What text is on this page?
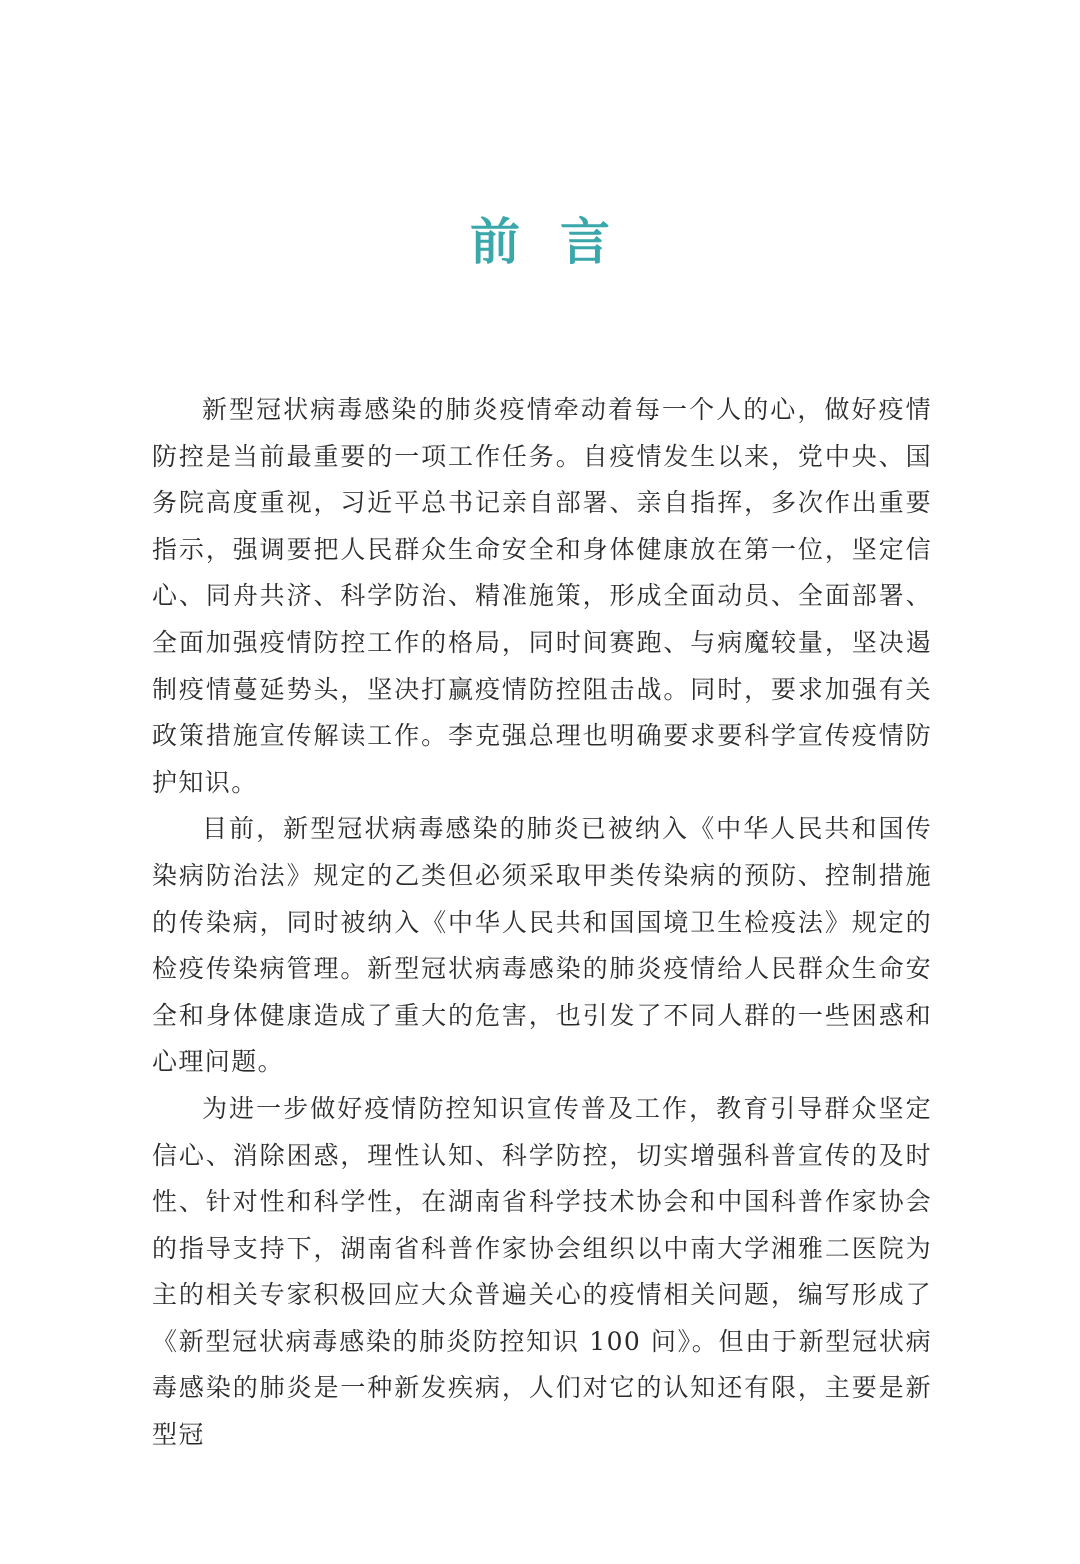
前言

新型冠状病毒感染的肺炎疫情牵动着每一个人的心，做好疫情防控是当前最重要的一项工作任务。自疫情发生以来，党中央、国务院高度重视，习近平总书记亲自部署、亲自指挥，多次作出重要指示，强调要把人民群众生命安全和身体健康放在第一位，坚定信心、同舟共济、科学防治、精准施策，形成全面动员、全面部署、全面加强疫情防控工作的格局，同时间赛跑、与病魔较量，坚决遏制疫情蔓延势头，坚决打赢疫情防控阻击战。同时，要求加强有关政策措施宣传解读工作。李克强总理也明确要求要科学宣传疫情防护知识。

目前，新型冠状病毒感染的肺炎已被纳入《中华人民共和国传染病防治法》规定的乙类但必须采取甲类传染病的预防、控制措施的传染病，同时被纳入《中华人民共和国国境卫生检疫法》规定的检疫传染病管理。新型冠状病毒感染的肺炎疫情给人民群众生命安全和身体健康造成了重大的危害，也引发了不同人群的一些困惑和心理问题。

为进一步做好疫情防控知识宣传普及工作，教育引导群众坚定信心、消除困惑，理性认知、科学防控，切实增强科普宣传的及时性、针对性和科学性，在湖南省科学技术协会和中国科普作家协会的指导支持下，湖南省科普作家协会组织以中南大学湘雅二医院为主的相关专家积极回应大众普遍关心的疫情相关问题，编写形成了《新型冠状病毒感染的肺炎防控知识 100 问》。但由于新型冠状病毒感染的肺炎是一种新发疾病，人们对它的认知还有限，主要是新型冠
